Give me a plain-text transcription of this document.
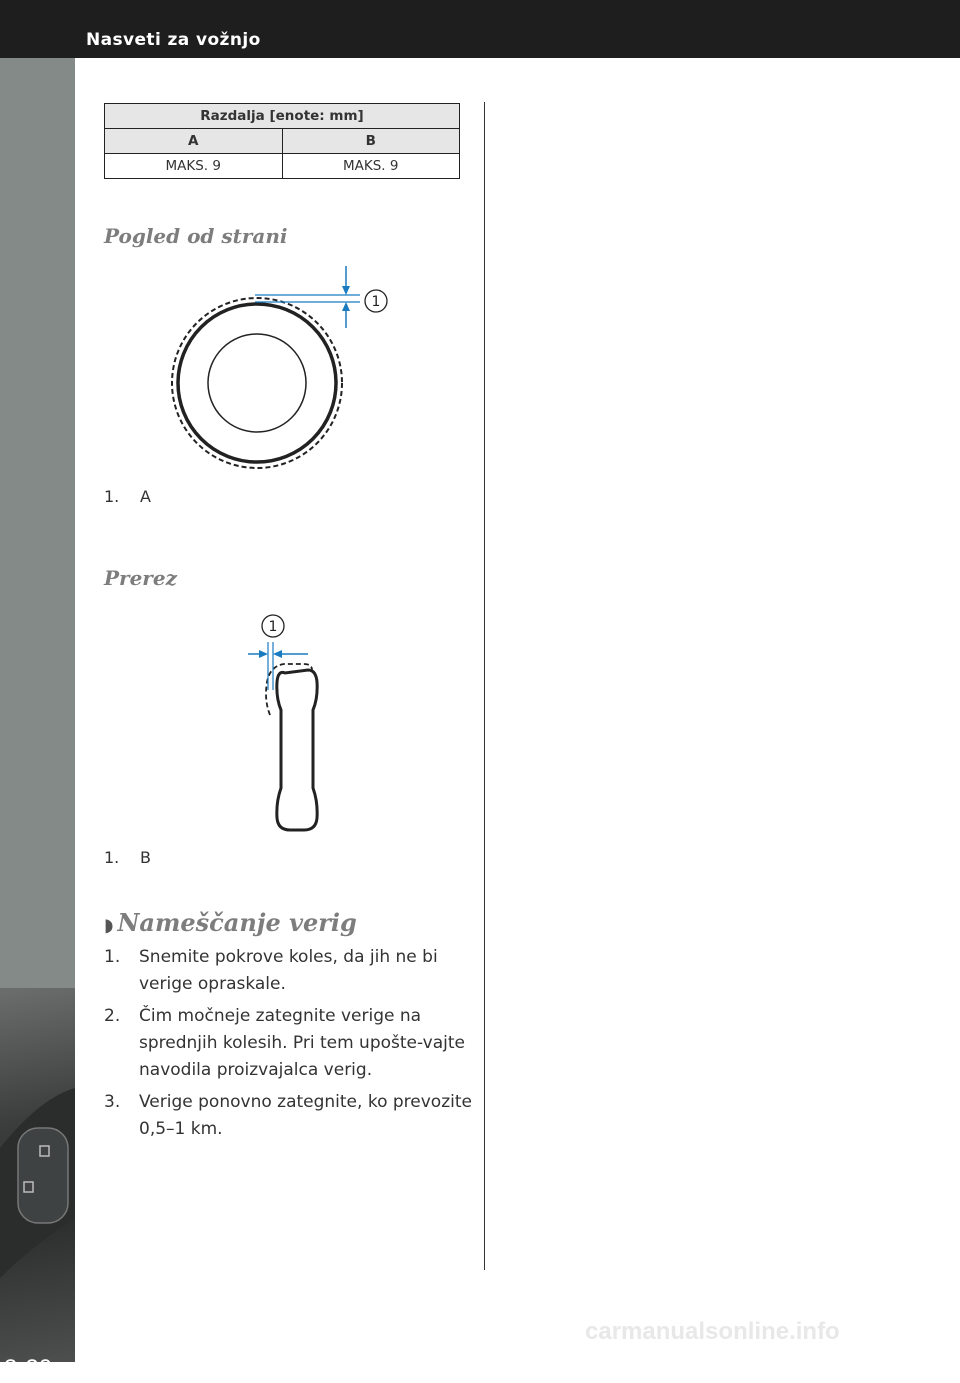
Nasveti za vožnjo
3-20
Razdalja [enote: mm]	
A	B
MAKS. 9	MAKS. 9
Pogled od strani
1
1. A
Prerez
1
1. B
◗ Nameščanje verig
1. Snemite pokrove koles, da jih ne bi verige opraskale.
2. Čim močneje zategnite verige na sprednjih kolesih. Pri tem upošte-vajte navodila proizvajalca verig.
3. Verige ponovno zategnite, ko prevozite 0,5–1 km.
carmanualsonline.info
